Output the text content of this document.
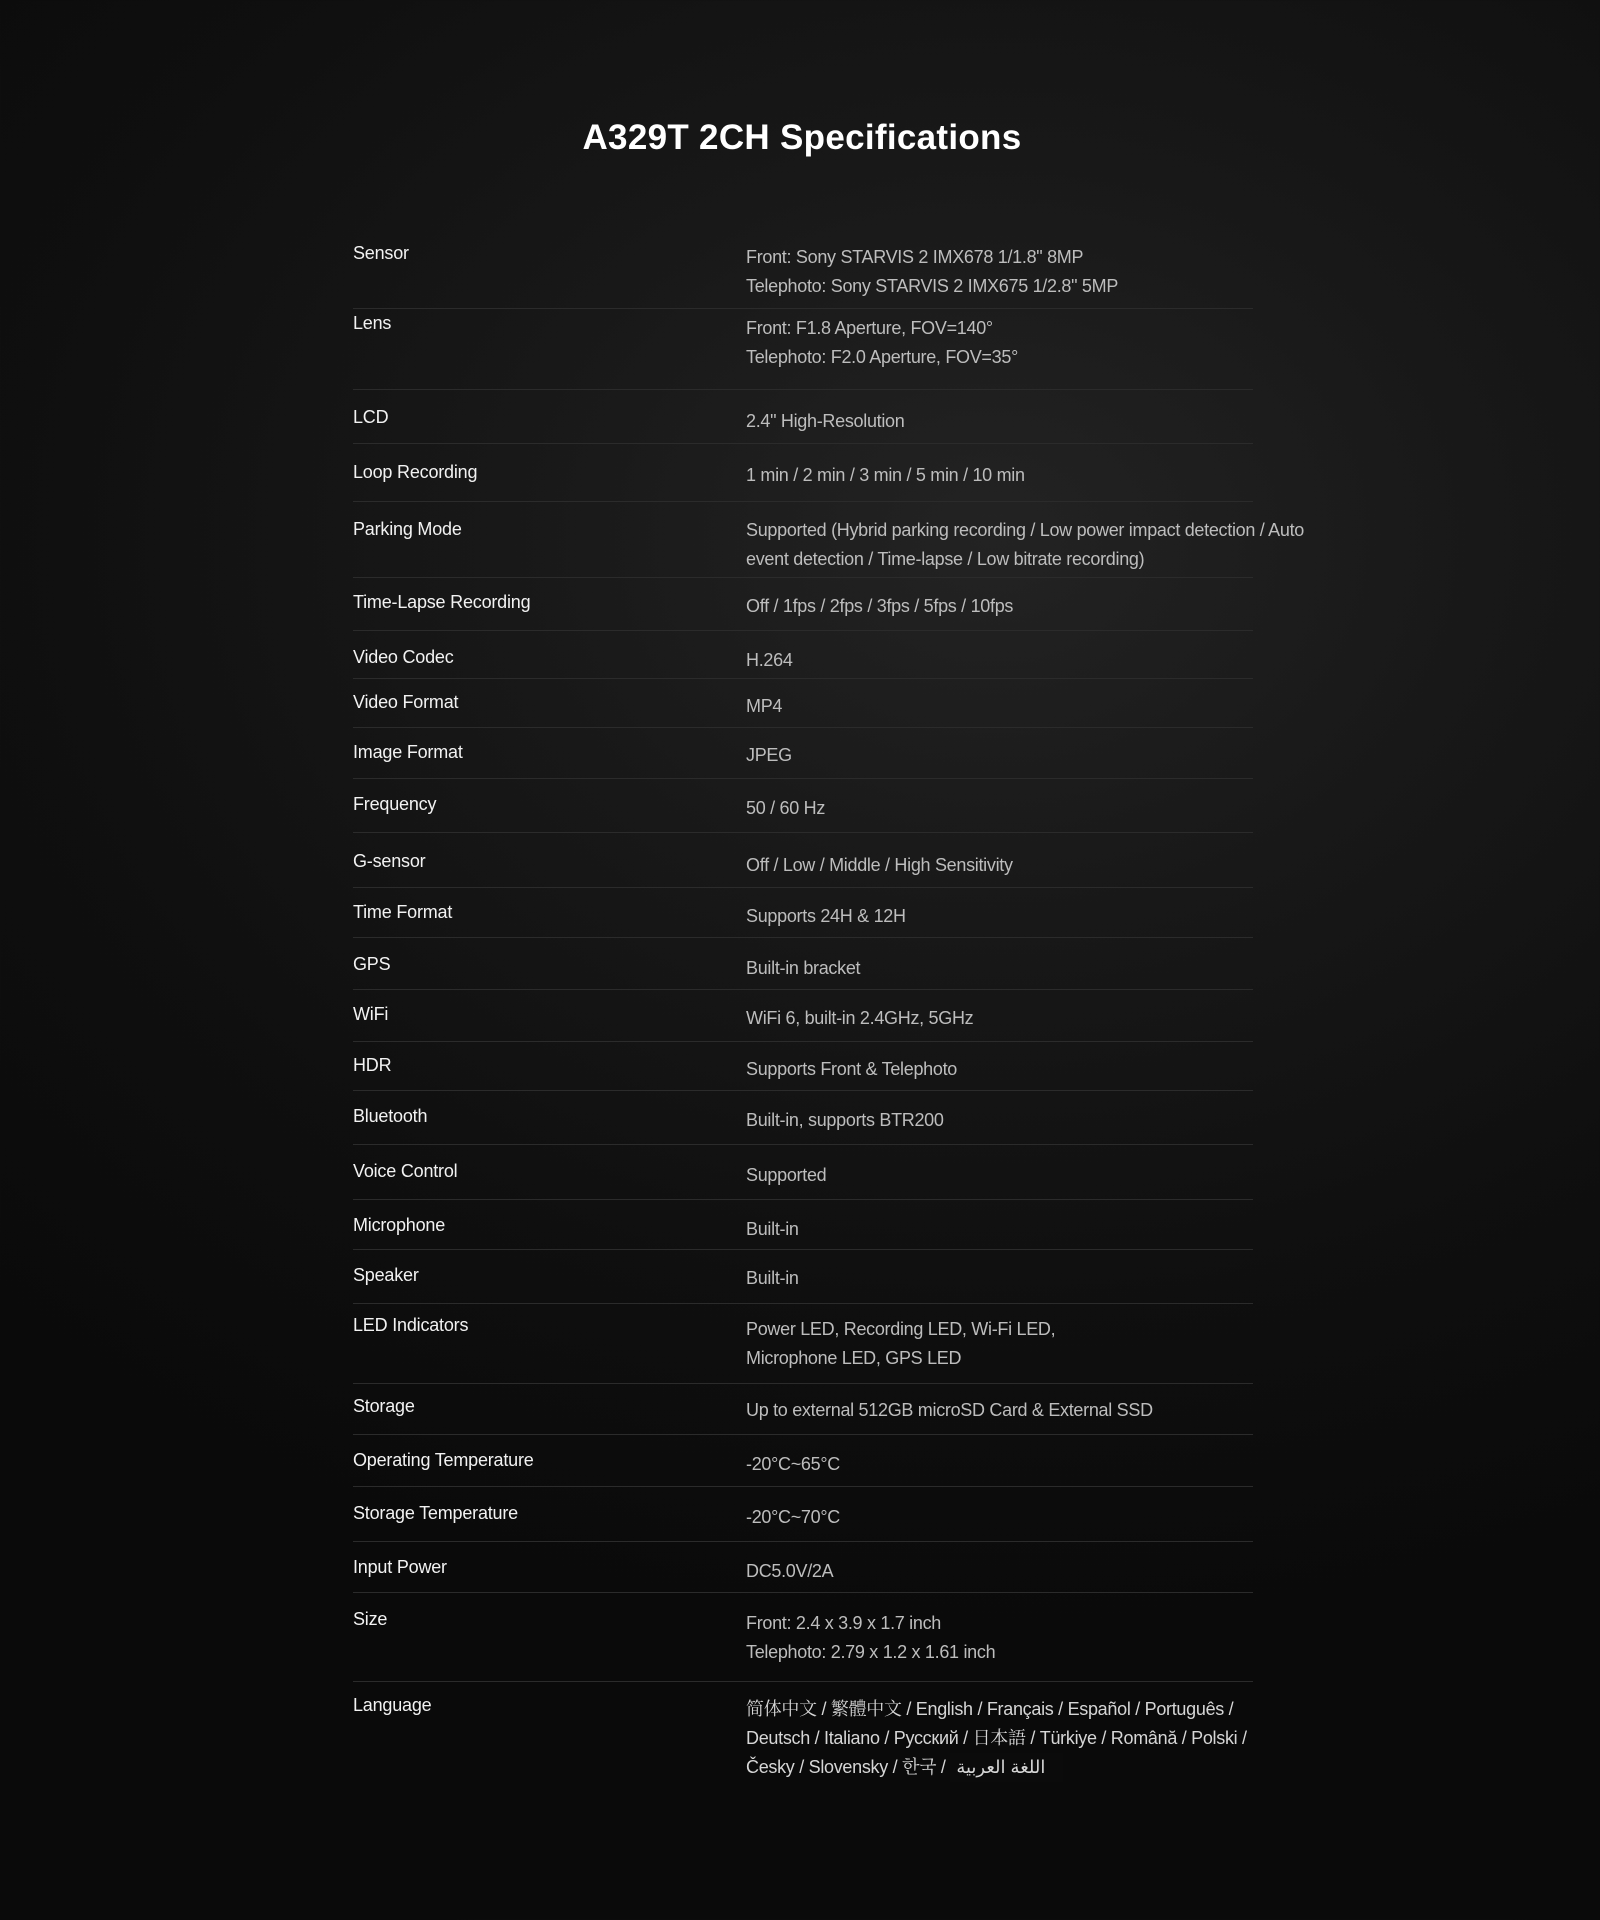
A329T 2CH Specifications
Sensor	Front: Sony STARVIS 2 IMX678 1/1.8" 8MP
Telephoto: Sony STARVIS 2 IMX675 1/2.8" 5MP
Lens	Front: F1.8 Aperture, FOV=140°
Telephoto: F2.0 Aperture, FOV=35°
LCD	2.4" High-Resolution
Loop Recording	1 min / 2 min / 3 min / 5 min / 10 min
Parking Mode	Supported (Hybrid parking recording / Low power impact detection / Auto
event detection / Time-lapse / Low bitrate recording)
Time-Lapse Recording	Off / 1fps / 2fps / 3fps / 5fps / 10fps
Video Codec	H.264
Video Format	MP4
Image Format	JPEG
Frequency	50 / 60 Hz
G-sensor	Off / Low / Middle / High Sensitivity
Time Format	Supports 24H & 12H
GPS	Built-in bracket
WiFi	WiFi 6, built-in 2.4GHz, 5GHz
HDR	Supports Front & Telephoto
Bluetooth	Built-in, supports BTR200
Voice Control	Supported
Microphone	Built-in
Speaker	Built-in
LED Indicators	Power LED, Recording LED, Wi-Fi LED,
Microphone LED, GPS LED
Storage	Up to external 512GB microSD Card & External SSD
Operating Temperature	-20°C~65°C
Storage Temperature	-20°C~70°C
Input Power	DC5.0V/2A
Size	Front: 2.4 x 3.9 x 1.7 inch
Telephoto: 2.79 x 1.2 x 1.61 inch
Language	简体中文 / 繁體中文 / English / Français / Español / Português /
Deutsch / Italiano / Русский / 日本語 / Türkiye / Română / Polski /
Česky / Slovensky / 한국 / اللغة العربية
